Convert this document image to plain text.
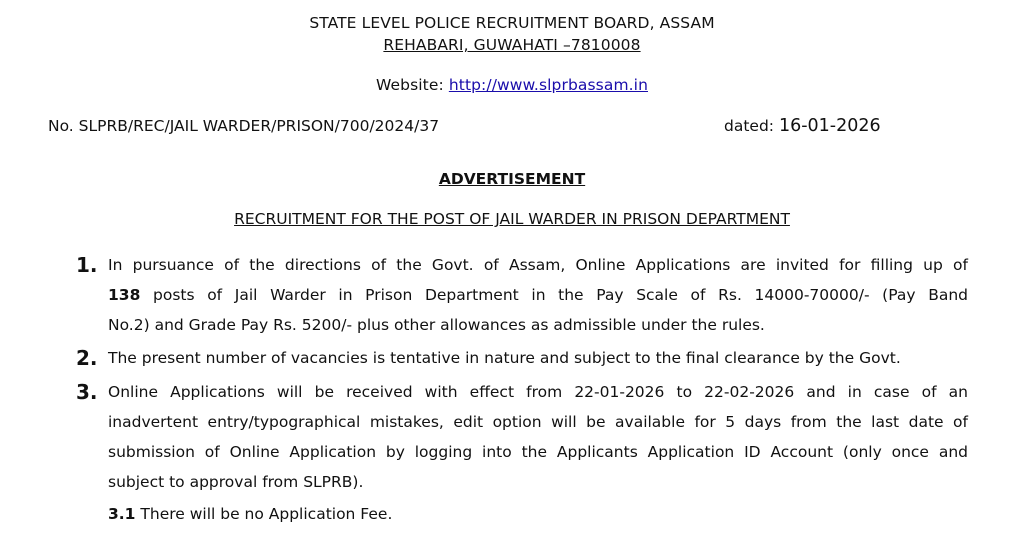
STATE LEVEL POLICE RECRUITMENT BOARD, ASSAM
REHABARI, GUWAHATI –7810008
Website: http://www.slprbassam.in
No. SLPRB/REC/JAIL WARDER/PRISON/700/2024/37	dated: 16-01-2026
ADVERTISEMENT
RECRUITMENT FOR THE POST OF JAIL WARDER IN PRISON DEPARTMENT
1. In pursuance of the directions of the Govt. of Assam, Online Applications are invited for filling up of
138 posts of Jail Warder in Prison Department in the Pay Scale of Rs. 14000-70000/- (Pay Band
No.2) and Grade Pay Rs. 5200/- plus other allowances as admissible under the rules.
2. The present number of vacancies is tentative in nature and subject to the final clearance by the Govt.
3. Online Applications will be received with effect from 22-01-2026 to 22-02-2026 and in case of an
inadvertent entry/typographical mistakes, edit option will be available for 5 days from the last date of
submission of Online Application by logging into the Applicants Application ID Account (only once and
subject to approval from SLPRB).
3.1 There will be no Application Fee.
